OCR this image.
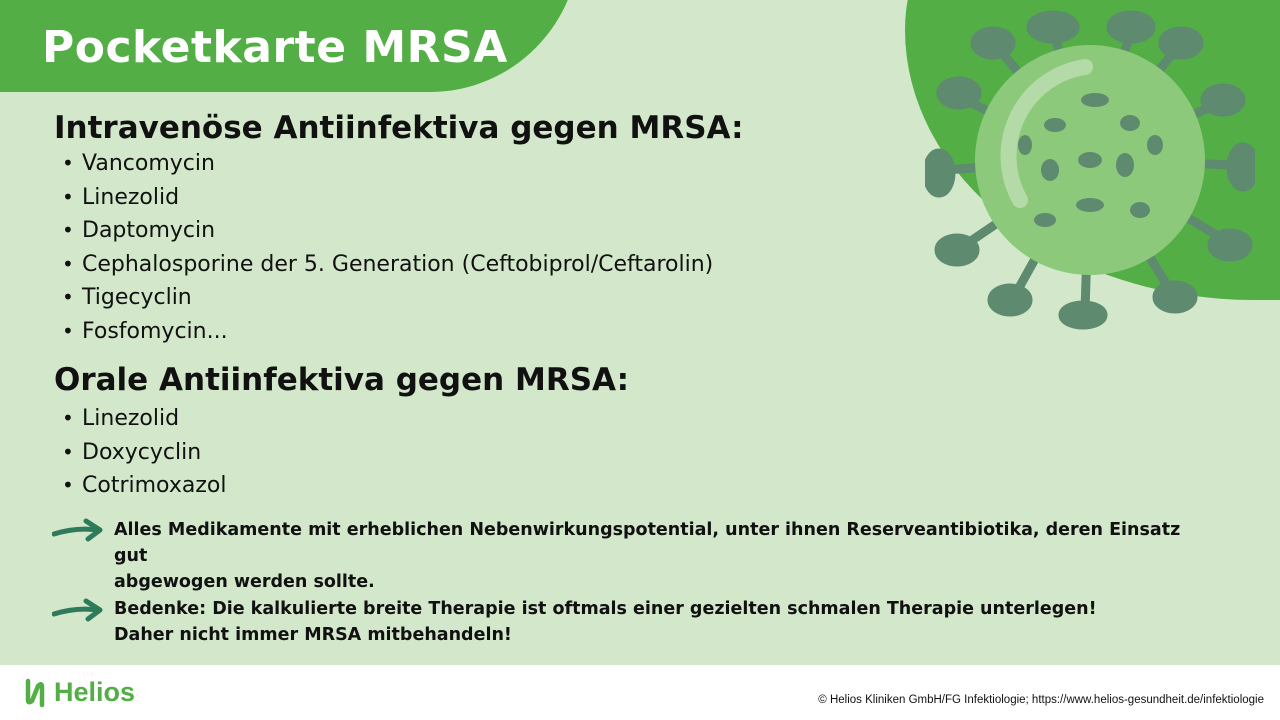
Pocketkarte MRSA
Intravenöse Antiinfektiva gegen MRSA:
• Vancomycin
• Linezolid
• Daptomycin
• Cephalosporine der 5. Generation (Ceftobiprol/Ceftarolin)
• Tigecyclin
• Fosfomycin...
Orale Antiinfektiva gegen MRSA:
• Linezolid
• Doxycyclin
• Cotrimoxazol
Alles Medikamente mit erheblichen Nebenwirkungspotential, unter ihnen Reserveantibiotika, deren Einsatz gut
abgewogen werden sollte.
Bedenke: Die kalkulierte breite Therapie ist oftmals einer gezielten schmalen Therapie unterlegen!
Daher nicht immer MRSA mitbehandeln!
Helios	© Helios Kliniken GmbH/FG Infektiologie; https://www.helios-gesundheit.de/infektiologie
